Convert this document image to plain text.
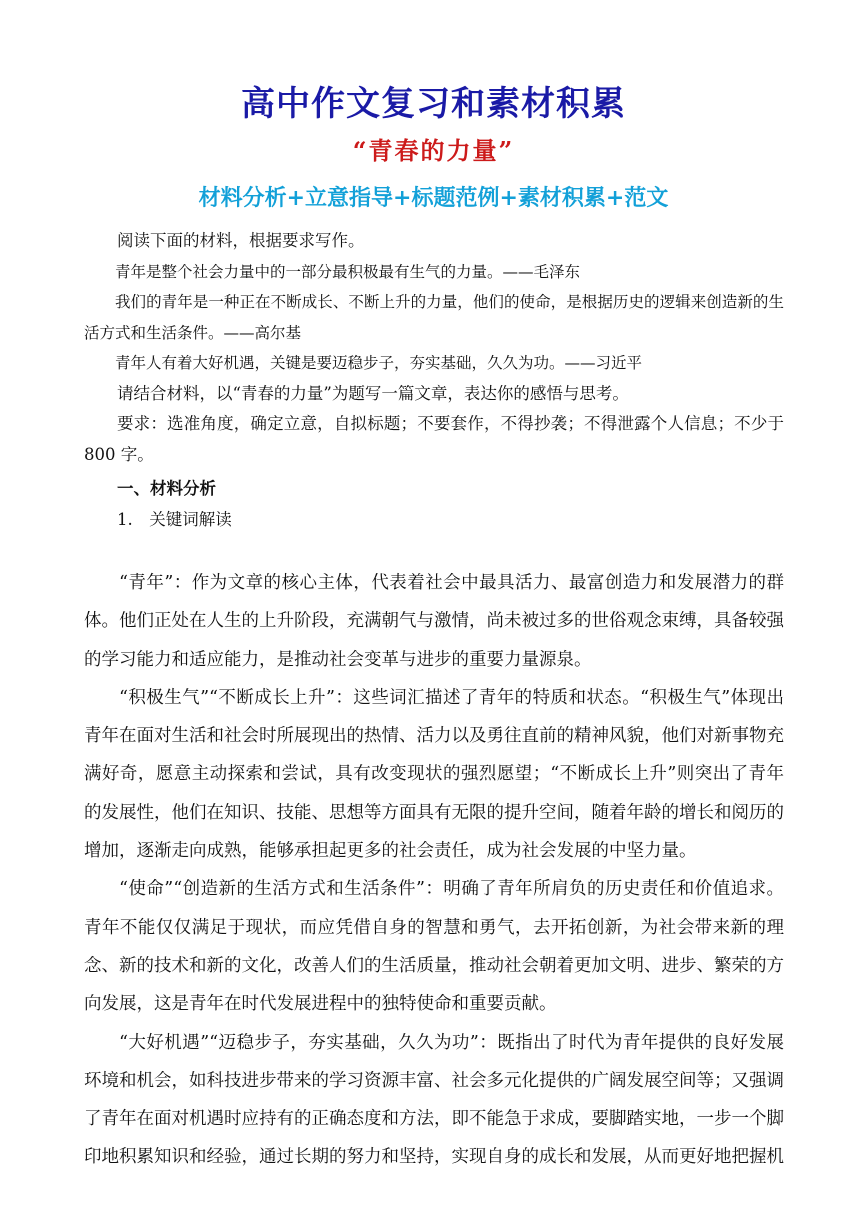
高中作文复习和素材积累
“青春的力量”
材料分析+立意指导+标题范例+素材积累+范文

阅读下面的材料，根据要求写作。

青年是整个社会力量中的一部分最积极最有生气的力量。——毛泽东

我们的青年是一种正在不断成长、不断上升的力量，他们的使命，是根据历史的逻辑来创造新的生活方式和生活条件。——高尔基

青年人有着大好机遇，关键是要迈稳步子，夯实基础，久久为功。——习近平

请结合材料，以“青春的力量”为题写一篇文章，表达你的感悟与思考。

要求：选准角度，确定立意，自拟标题；不要套作，不得抄袭；不得泄露个人信息；不少于 800 字。

一、材料分析

1.　关键词解读

“青年”：作为文章的核心主体，代表着社会中最具活力、最富创造力和发展潜力的群体。他们正处在人生的上升阶段，充满朝气与激情，尚未被过多的世俗观念束缚，具备较强的学习能力和适应能力，是推动社会变革与进步的重要力量源泉。

“积极生气”“不断成长上升”：这些词汇描述了青年的特质和状态。“积极生气”体现出青年在面对生活和社会时所展现出的热情、活力以及勇往直前的精神风貌，他们对新事物充满好奇，愿意主动探索和尝试，具有改变现状的强烈愿望；“不断成长上升”则突出了青年的发展性，他们在知识、技能、思想等方面具有无限的提升空间，随着年龄的增长和阅历的增加，逐渐走向成熟，能够承担起更多的社会责任，成为社会发展的中坚力量。

“使命”“创造新的生活方式和生活条件”：明确了青年所肩负的历史责任和价值追求。青年不能仅仅满足于现状，而应凭借自身的智慧和勇气，去开拓创新，为社会带来新的理念、新的技术和新的文化，改善人们的生活质量，推动社会朝着更加文明、进步、繁荣的方向发展，这是青年在时代发展进程中的独特使命和重要贡献。

“大好机遇”“迈稳步子，夯实基础，久久为功”：既指出了时代为青年提供的良好发展环境和机会，如科技进步带来的学习资源丰富、社会多元化提供的广阔发展空间等；又强调了青年在面对机遇时应持有的正确态度和方法，即不能急于求成，要脚踏实地，一步一个脚印地积累知识和经验，通过长期的努力和坚持，实现自身的成长和发展，从而更好地把握机
